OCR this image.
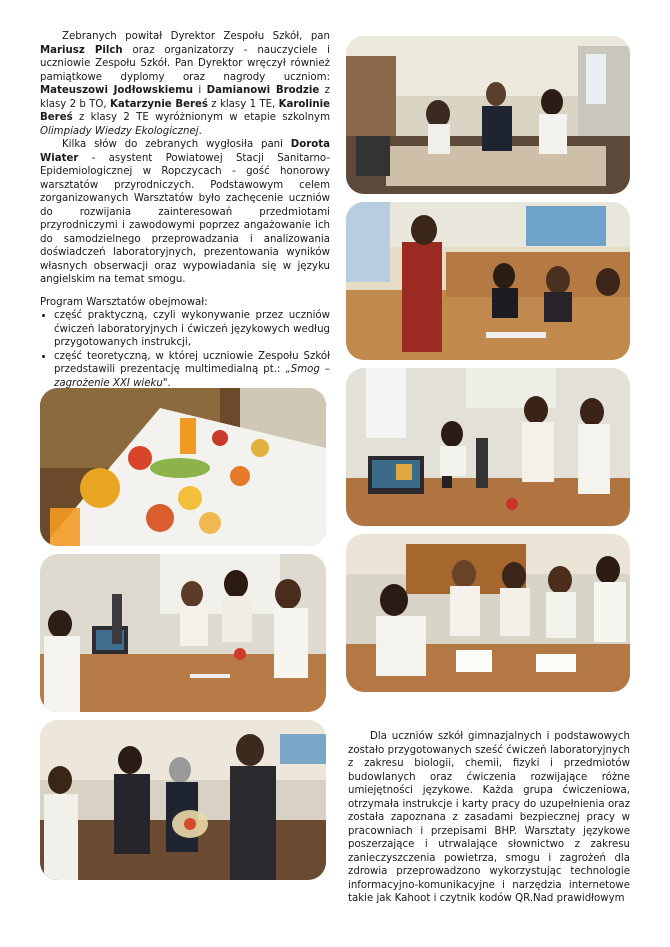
Zebranych powitał Dyrektor Zespołu Szkół, pan Mariusz Pilch oraz organizatorzy - nauczyciele i uczniowie Zespołu Szkół. Pan Dyrektor wręczył również pamiątkowe dyplomy oraz nagrody uczniom: Mateuszowi Jodłowskiemu i Damianowi Brodzie z klasy 2 b TO, Katarzynie Bereś z klasy 1 TE, Karolinie Bereś z klasy 2 TE wyróżnionym w etapie szkolnym Olimpiady Wiedzy Ekologicznej.

Kilka słów do zebranych wygłosiła pani Dorota Wiater - asystent Powiatowej Stacji Sanitarno-Epidemiologicznej w Ropczycach - gość honorowy warsztatów przyrodniczych. Podstawowym celem zorganizowanych Warsztatów było zachęcenie uczniów do rozwijania zainteresowań przedmiotami przyrodniczymi i zawodowymi poprzez angażowanie ich do samodzielnego przeprowadzania i analizowania doświadczeń laboratoryjnych, prezentowania wyników własnych obserwacji oraz wypowiadania się w języku angielskim na temat smogu.

Program Warsztatów obejmował:

• część praktyczną, czyli wykonywanie przez uczniów ćwiczeń laboratoryjnych i ćwiczeń językowych według przygotowanych instrukcji,
• część teoretyczną, w której uczniowie Zespołu Szkół przedstawili prezentację multimedialną pt.: „Smog – zagrożenie XXI wieku".
Dla uczniów szkół gimnazjalnych i podstawowych zostało przygotowanych sześć ćwiczeń laboratoryjnych z zakresu biologii, chemii, fizyki i przedmiotów budowlanych oraz ćwiczenia rozwijające różne umiejętności językowe. Każda grupa ćwiczeniowa, otrzymała instrukcje i karty pracy do uzupełnienia oraz została zapoznana z zasadami bezpiecznej pracy w pracowniach i przepisami BHP. Warsztaty językowe poszerzające i utrwalające słownictwo z zakresu zanieczyszczenia powietrza, smogu i zagrożeń dla zdrowia przeprowadzono wykorzystując technologie informacyjno-komunikacyjne i narzędzia internetowe takie jak Kahoot i czytnik kodów QR.Nad prawidłowym
